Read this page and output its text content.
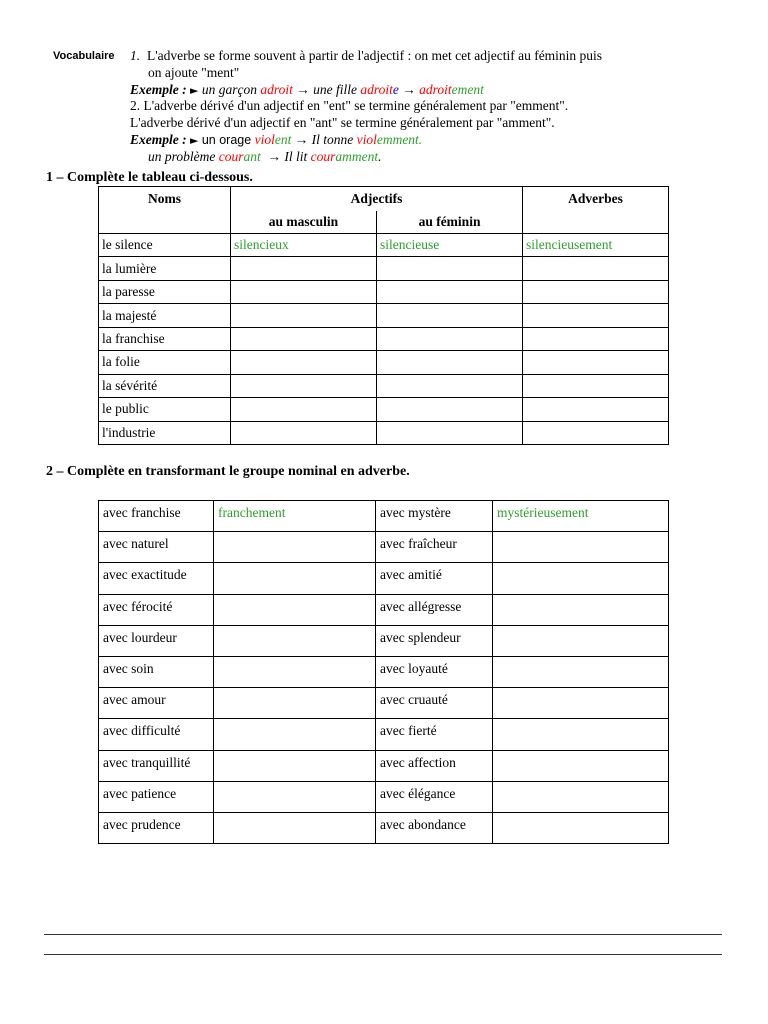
Vocabulaire 1. L'adverbe se forme souvent à partir de l'adjectif : on met cet adjectif au féminin puis
on ajoute "ment"
Exemple : ► un garçon adroit → une fille adroite → adroitement
2. L'adverbe dérivé d'un adjectif en "ent" se termine généralement par "emment".
L'adverbe dérivé d'un adjectif en "ant" se termine généralement par "amment".
Exemple : ► un orage violent → Il tonne violemment.
un problème courant → Il lit couramment.
1 – Complète le tableau ci-dessous.
Noms	Adjectifs		Adverbes
	au masculin	au féminin	
le silence	silencieux	silencieuse	silencieusement
la lumière			
la paresse			
la majesté			
la franchise			
la folie			
la sévérité			
le public			
l'industrie			
2 – Complète en transformant le groupe nominal en adverbe.
avec franchise	franchement	avec mystère	mystérieusement
avec naturel		avec fraîcheur	
avec exactitude		avec amitié	
avec férocité		avec allégresse	
avec lourdeur		avec splendeur	
avec soin		avec loyauté	
avec amour		avec cruauté	
avec difficulté		avec fierté	
avec tranquillité		avec affection	
avec patience		avec élégance	
avec prudence		avec abondance	
